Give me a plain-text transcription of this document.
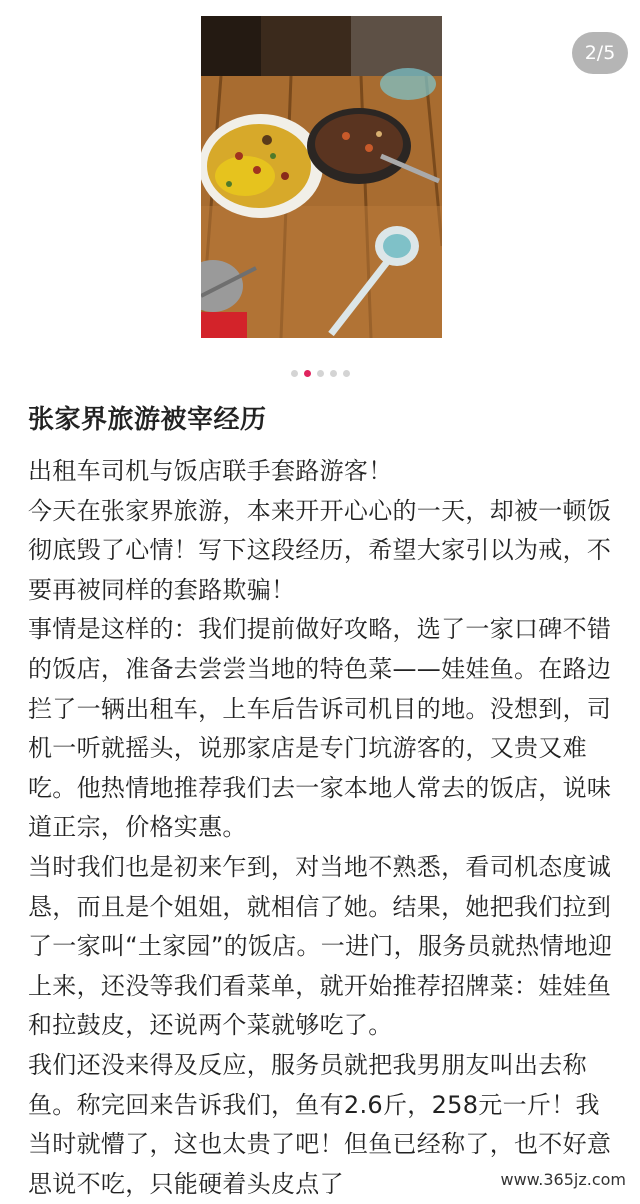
2/5
张家界旅游被宰经历

出租车司机与饭店联手套路游客！

今天在张家界旅游，本来开开心心的一天，却被一顿饭彻底毁了心情！写下这段经历，希望大家引以为戒，不要再被同样的套路欺骗！

事情是这样的：我们提前做好攻略，选了一家口碑不错的饭店，准备去尝尝当地的特色菜——娃娃鱼。在路边拦了一辆出租车，上车后告诉司机目的地。没想到，司机一听就摇头，说那家店是专门坑游客的，又贵又难吃。他热情地推荐我们去一家本地人常去的饭店，说味道正宗，价格实惠。

当时我们也是初来乍到，对当地不熟悉，看司机态度诚恳，而且是个姐姐，就相信了她。结果，她把我们拉到了一家叫“土家园”的饭店。一进门，服务员就热情地迎上来，还没等我们看菜单，就开始推荐招牌菜：娃娃鱼和拉鼓皮，还说两个菜就够吃了。

我们还没来得及反应，服务员就把我男朋友叫出去称鱼。称完回来告诉我们，鱼有2.6斤，258元一斤！我当时就懵了，这也太贵了吧！但鱼已经称了，也不好意思说不吃，只能硬着头皮点了	www.365jz.com
